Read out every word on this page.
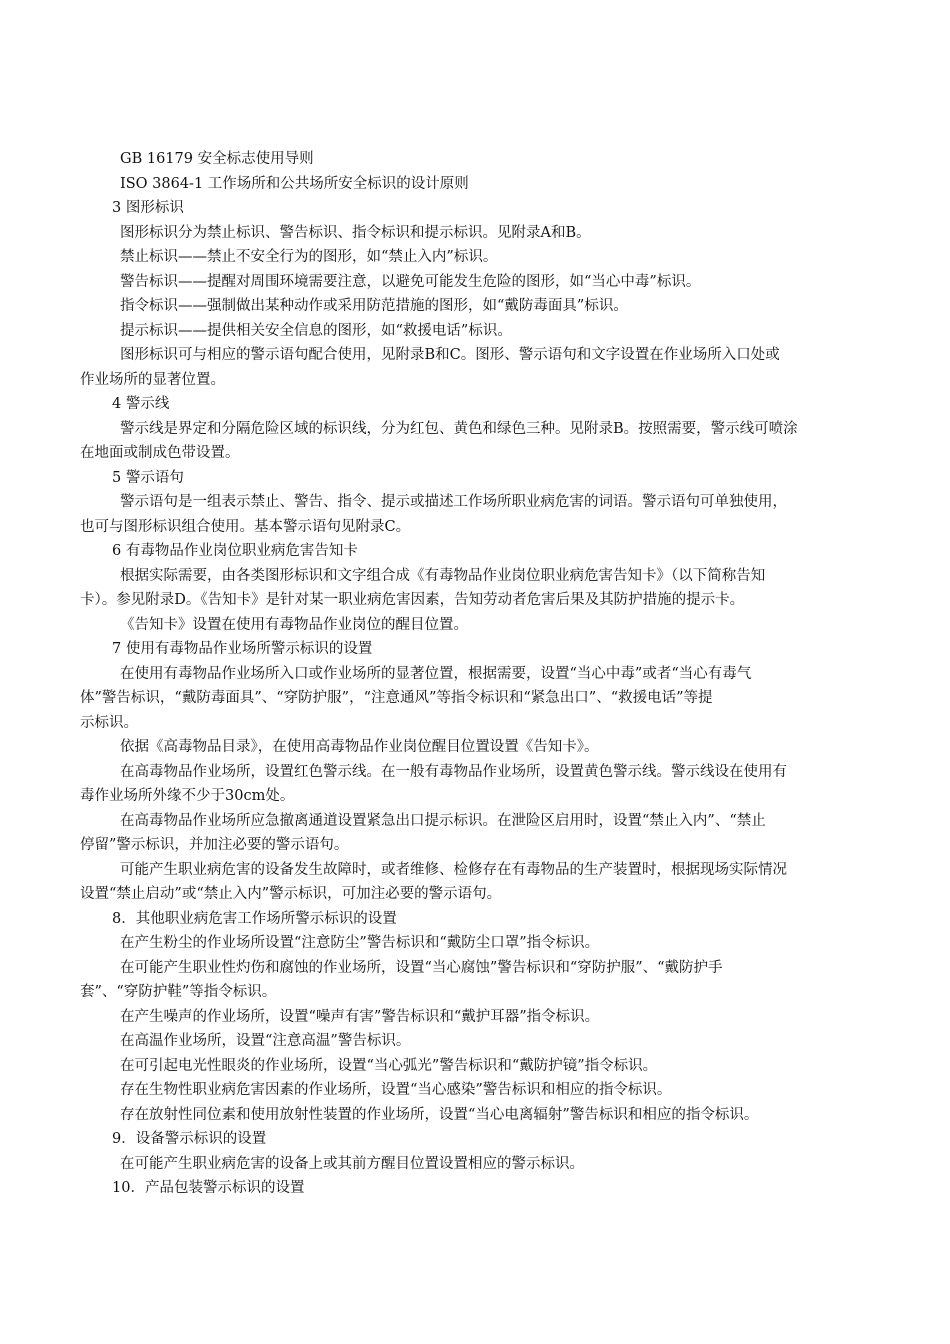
GB 16179 安全标志使用导则
ISO 3864-1 工作场所和公共场所安全标识的设计原则
3 图形标识
图形标识分为禁止标识、警告标识、指令标识和提示标识。见附录A和B。
禁止标识——禁止不安全行为的图形，如“禁止入内”标识。
警告标识——提醒对周围环境需要注意，以避免可能发生危险的图形，如“当心中毒”标识。
指令标识——强制做出某种动作或采用防范措施的图形，如“戴防毒面具”标识。
提示标识——提供相关安全信息的图形，如“救援电话”标识。
图形标识可与相应的警示语句配合使用，见附录B和C。图形、警示语句和文字设置在作业场所入口处或
作业场所的显著位置。
4 警示线
警示线是界定和分隔危险区域的标识线，分为红包、黄色和绿色三种。见附录B。按照需要，警示线可喷涂
在地面或制成色带设置。
5 警示语句
警示语句是一组表示禁止、警告、指令、提示或描述工作场所职业病危害的词语。警示语句可单独使用，
也可与图形标识组合使用。基本警示语句见附录C。
6 有毒物品作业岗位职业病危害告知卡
根据实际需要，由各类图形标识和文字组合成《有毒物品作业岗位职业病危害告知卡》（以下简称告知
卡）。参见附录D。《告知卡》是针对某一职业病危害因素，告知劳动者危害后果及其防护措施的提示卡。
《告知卡》设置在使用有毒物品作业岗位的醒目位置。
7 使用有毒物品作业场所警示标识的设置
在使用有毒物品作业场所入口或作业场所的显著位置，根据需要，设置“当心中毒”或者“当心有毒气
体”警告标识，“戴防毒面具”、“穿防护服”，“注意通风”等指令标识和“紧急出口”、“救援电话”等提
示标识。
依据《高毒物品目录》，在使用高毒物品作业岗位醒目位置设置《告知卡》。
在高毒物品作业场所，设置红色警示线。在一般有毒物品作业场所，设置黄色警示线。警示线设在使用有
毒作业场所外缘不少于30cm处。
在高毒物品作业场所应急撤离通道设置紧急出口提示标识。在泄险区启用时，设置“禁止入内”、“禁止
停留”警示标识，并加注必要的警示语句。
可能产生职业病危害的设备发生故障时，或者维修、检修存在有毒物品的生产装置时，根据现场实际情况
设置“禁止启动”或“禁止入内”警示标识，可加注必要的警示语句。
8．其他职业病危害工作场所警示标识的设置
在产生粉尘的作业场所设置“注意防尘”警告标识和“戴防尘口罩”指令标识。
在可能产生职业性灼伤和腐蚀的作业场所，设置“当心腐蚀”警告标识和“穿防护服”、“戴防护手
套”、“穿防护鞋”等指令标识。
在产生噪声的作业场所，设置“噪声有害”警告标识和“戴护耳器”指令标识。
在高温作业场所，设置“注意高温”警告标识。
在可引起电光性眼炎的作业场所，设置“当心弧光”警告标识和“戴防护镜”指令标识。
存在生物性职业病危害因素的作业场所，设置“当心感染”警告标识和相应的指令标识。
存在放射性同位素和使用放射性装置的作业场所，设置“当心电离辐射”警告标识和相应的指令标识。
9．设备警示标识的设置
在可能产生职业病危害的设备上或其前方醒目位置设置相应的警示标识。
10．产品包装警示标识的设置
